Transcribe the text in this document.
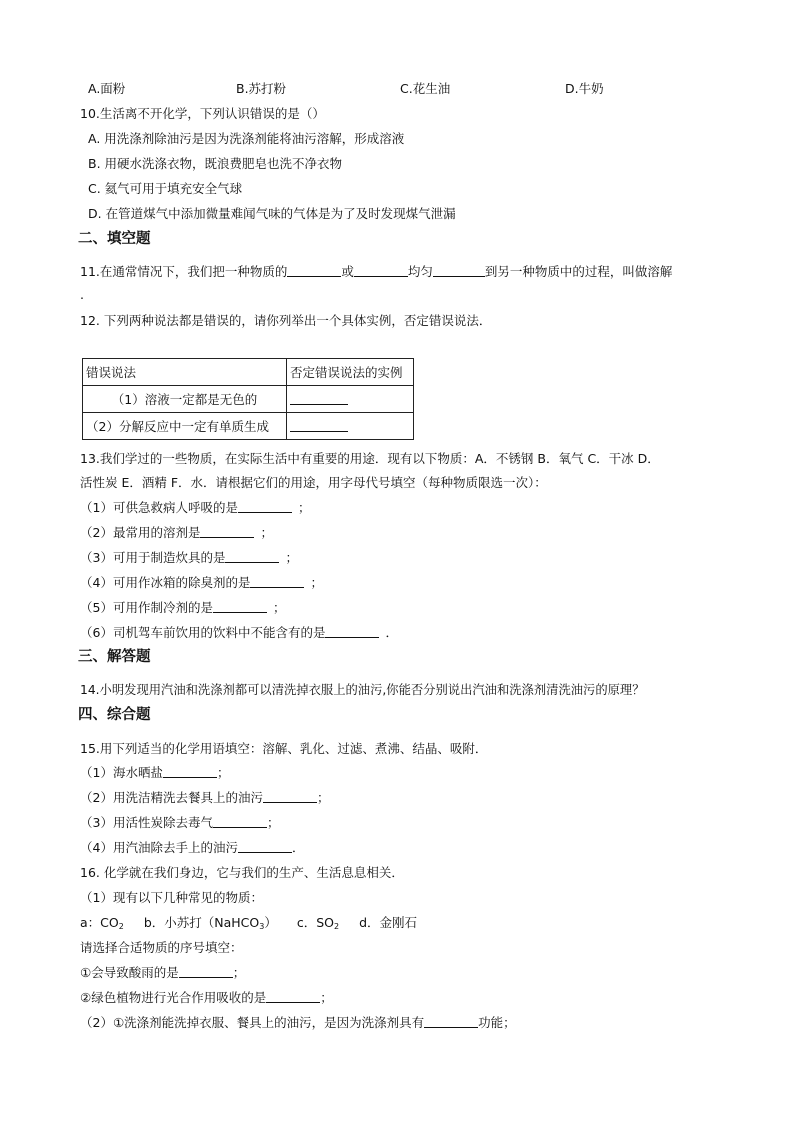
A.面粉	B.苏打粉	C.花生油	D.牛奶
10.生活离不开化学，下列认识错误的是（）
A. 用洗涤剂除油污是因为洗涤剂能将油污溶解，形成溶液
B. 用硬水洗涤衣物，既浪费肥皂也洗不净衣物
C. 氦气可用于填充安全气球
D. 在管道煤气中添加微量难闻气味的气体是为了及时发现煤气泄漏
二、填空题
11.在通常情况下，我们把一种物质的	或	均匀	到另一种物质中的过程，叫做溶解
.
12. 下列两种说法都是错误的，请你列举出一个具体实例，否定错误说法．
错误说法	否定错误说法的实例
（1）溶液一定都是无色的	
（2）分解反应中一定有单质生成	
13.我们学过的一些物质，在实际生活中有重要的用途．现有以下物质：A．不锈钢 B．氧气 C．干冰 D．
活性炭 E．酒精 F．水．请根据它们的用途，用字母代号填空（每种物质限选一次）：
（1）可供急救病人呼吸的是	；
（2）最常用的溶剂是	；
（3）可用于制造炊具的是	；
（4）可用作冰箱的除臭剂的是	；
（5）可用作制冷剂的是	；
（6）司机驾车前饮用的饮料中不能含有的是	．
三、解答题
14.小明发现用汽油和洗涤剂都可以清洗掉衣服上的油污,你能否分别说出汽油和洗涤剂清洗油污的原理？
四、综合题
15.用下列适当的化学用语填空：溶解、乳化、过滤、煮沸、结晶、吸附．
（1）海水晒盐	；
（2）用洗洁精洗去餐具上的油污	；
（3）用活性炭除去毒气	；
（4）用汽油除去手上的油污	．
16. 化学就在我们身边，它与我们的生产、生活息息相关．
（1）现有以下几种常见的物质：
a：$CO_2$ b．小苏打（NaHCO$_3$） c．$SO_2$ d．金刚石
请选择合适物质的序号填空：
①会导致酸雨的是	；
②绿色植物进行光合作用吸收的是	；
（2）①洗涤剂能洗掉衣服、餐具上的油污，是因为洗涤剂具有	功能；
